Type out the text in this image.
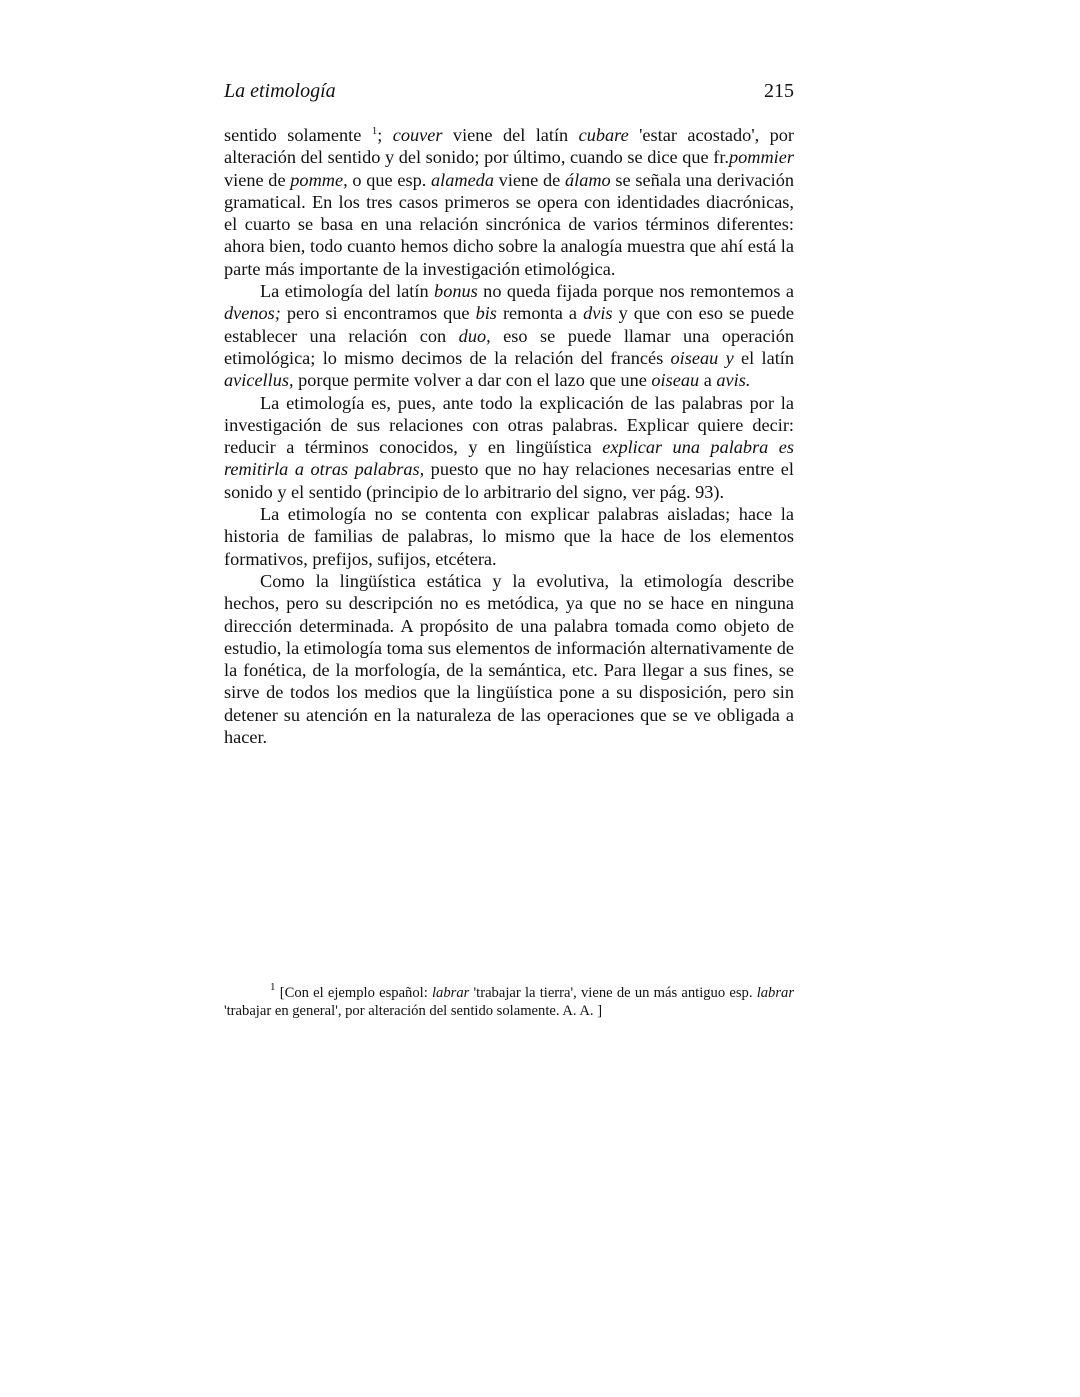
La etimología	215

sentido solamente $^1$; couver viene del latín cubare 'estar acostado', por alteración del sentido y del sonido; por último, cuando se dice que fr.pommier viene de pomme, o que esp. alameda viene de álamo se señala una derivación gramatical. En los tres casos primeros se opera con identidades diacrónicas, el cuarto se basa en una relación sincrónica de varios términos diferentes: ahora bien, todo cuanto hemos dicho sobre la analogía muestra que ahí está la parte más importante de la investigación etimológica.

La etimología del latín bonus no queda fijada porque nos remontemos a dvenos; pero si encontramos que bis remonta a dvis y que con eso se puede establecer una relación con duo, eso se puede llamar una operación etimológica; lo mismo decimos de la relación del francés oiseau y el latín avicellus, porque permite volver a dar con el lazo que une oiseau a avis.

La etimología es, pues, ante todo la explicación de las palabras por la investigación de sus relaciones con otras palabras. Explicar quiere decir: reducir a términos conocidos, y en lingüística explicar una palabra es remitirla a otras palabras, puesto que no hay relaciones necesarias entre el sonido y el sentido (principio de lo arbitrario del signo, ver pág. 93).

La etimología no se contenta con explicar palabras aisladas; hace la historia de familias de palabras, lo mismo que la hace de los elementos formativos, prefijos, sufijos, etcétera.

Como la lingüística estática y la evolutiva, la etimología describe hechos, pero su descripción no es metódica, ya que no se hace en ninguna dirección determinada. A propósito de una palabra tomada como objeto de estudio, la etimología toma sus elementos de información alternativamente de la fonética, de la morfología, de la semántica, etc. Para llegar a sus fines, se sirve de todos los medios que la lingüística pone a su disposición, pero sin detener su atención en la naturaleza de las operaciones que se ve obligada a hacer.

$^1$ [Con el ejemplo español: labrar 'trabajar la tierra', viene de un más antiguo esp. labrar 'trabajar en general', por alteración del sentido solamente. A. A. ]
